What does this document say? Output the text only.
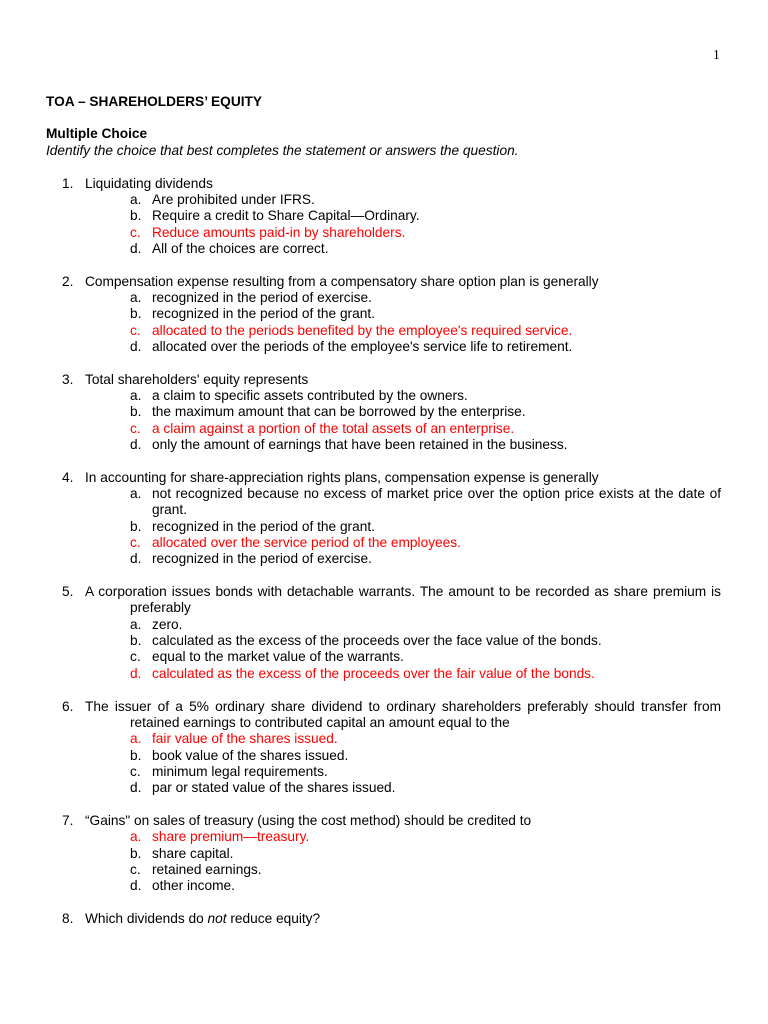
1
TOA – SHAREHOLDERS’ EQUITY
Multiple Choice
Identify the choice that best completes the statement or answers the question.
1. Liquidating dividends
a. Are prohibited under IFRS.
b. Require a credit to Share Capital—Ordinary.
c. Reduce amounts paid-in by shareholders.
d. All of the choices are correct.
2. Compensation expense resulting from a compensatory share option plan is generally
a. recognized in the period of exercise.
b. recognized in the period of the grant.
c. allocated to the periods benefited by the employee's required service.
d. allocated over the periods of the employee's service life to retirement.
3. Total shareholders' equity represents
a. a claim to specific assets contributed by the owners.
b. the maximum amount that can be borrowed by the enterprise.
c. a claim against a portion of the total assets of an enterprise.
d. only the amount of earnings that have been retained in the business.
4. In accounting for share-appreciation rights plans, compensation expense is generally
a. not recognized because no excess of market price over the option price exists at the date of grant.
b. recognized in the period of the grant.
c. allocated over the service period of the employees.
d. recognized in the period of exercise.
5. A corporation issues bonds with detachable warrants. The amount to be recorded as share premium is preferably
a. zero.
b. calculated as the excess of the proceeds over the face value of the bonds.
c. equal to the market value of the warrants.
d. calculated as the excess of the proceeds over the fair value of the bonds.
6. The issuer of a 5% ordinary share dividend to ordinary shareholders preferably should transfer from retained earnings to contributed capital an amount equal to the
a. fair value of the shares issued.
b. book value of the shares issued.
c. minimum legal requirements.
d. par or stated value of the shares issued.
7. “Gains" on sales of treasury (using the cost method) should be credited to
a. share premium—treasury.
b. share capital.
c. retained earnings.
d. other income.
8. Which dividends do not reduce equity?
